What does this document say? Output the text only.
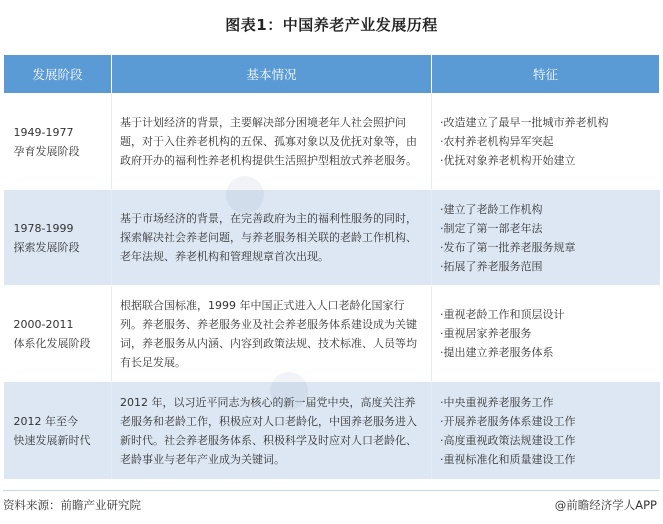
图表1：中国养老产业发展历程
发展阶段	基本情况	特征

1949-1977
孕育发展阶段	基于计划经济的背景，主要解决部分困境老年人社会照护问题，对于入住养老机构的五保、孤寡对象以及优抚对象等，由政府开办的福利性养老机构提供生活照护型粗放式养老服务。	·改造建立了最早一批城市养老机构
·农村养老机构异军突起
·优抚对象养老机构开始建立

1978-1999
探索发展阶段	基于市场经济的背景，在完善政府为主的福利性服务的同时，探索解决社会养老问题，与养老服务相关联的老龄工作机构、老年法规、养老机构和管理规章首次出现。	·建立了老龄工作机构
·制定了第一部老年法
·发布了第一批养老服务规章
·拓展了养老服务范围

2000-2011
体系化发展阶段	根据联合国标准，1999 年中国正式进入人口老龄化国家行列。养老服务、养老服务业及社会养老服务体系建设成为关键词，养老服务从内涵、内容到政策法规、技术标准、人员等均有长足发展。	·重视老龄工作和顶层设计
·重视居家养老服务
·提出建立养老服务体系

2012 年至今
快速发展新时代	2012 年，以习近平同志为核心的新一届党中央，高度关注养老服务和老龄工作，积极应对人口老龄化，中国养老服务进入新时代。社会养老服务体系、积极科学及时应对人口老龄化、老龄事业与老年产业成为关键词。	·中央重视养老服务工作
·开展养老服务体系建设工作
·高度重视政策法规建设工作
·重视标准化和质量建设工作
资料来源：前瞻产业研究院	@前瞻经济学人APP
